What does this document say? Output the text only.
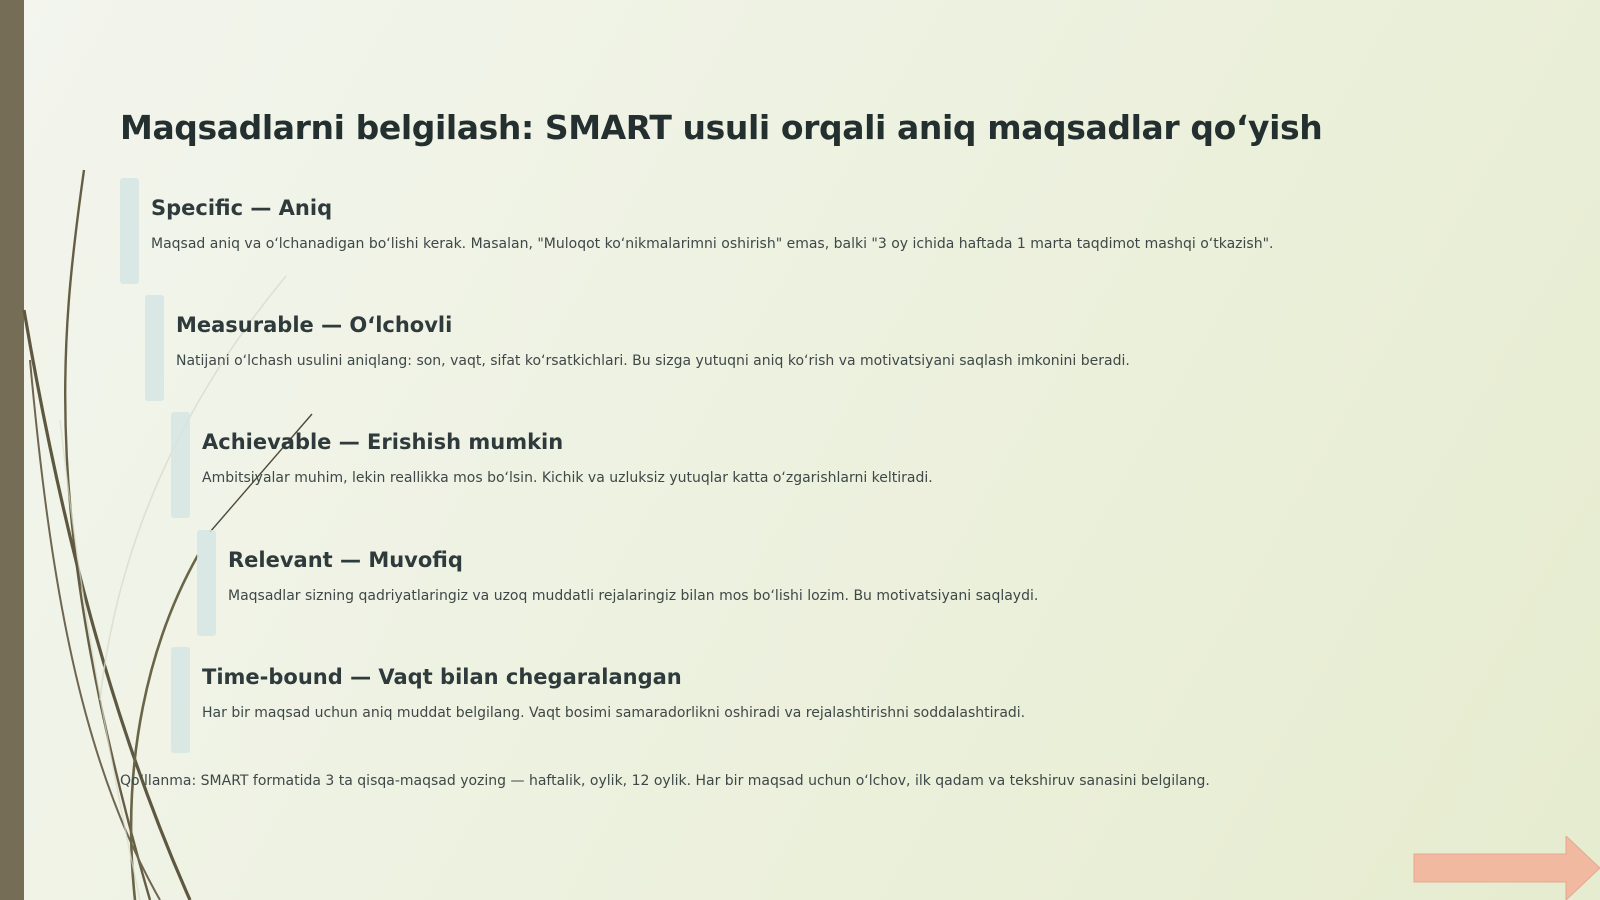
Maqsadlarni belgilash: SMART usuli orqali aniq maqsadlar qo‘yish
Specific — Aniq

Maqsad aniq va o‘lchanadigan bo‘lishi kerak. Masalan, "Muloqot ko‘nikmalarimni oshirish" emas, balki "3 oy ichida haftada 1 marta taqdimot mashqi o‘tkazish".

Measurable — O‘lchovli

Natijani o‘lchash usulini aniqlang: son, vaqt, sifat ko‘rsatkichlari. Bu sizga yutuqni aniq ko‘rish va motivatsiyani saqlash imkonini beradi.

Achievable — Erishish mumkin

Ambitsiyalar muhim, lekin reallikka mos bo‘lsin. Kichik va uzluksiz yutuqlar katta o‘zgarishlarni keltiradi.

Relevant — Muvofiq

Maqsadlar sizning qadriyatlaringiz va uzoq muddatli rejalaringiz bilan mos bo‘lishi lozim. Bu motivatsiyani saqlaydi.

Time-bound — Vaqt bilan chegaralangan

Har bir maqsad uchun aniq muddat belgilang. Vaqt bosimi samaradorlikni oshiradi va rejalashtirishni soddalashtiradi.

Qo‘llanma: SMART formatida 3 ta qisqa-maqsad yozing — haftalik, oylik, 12 oylik. Har bir maqsad uchun o‘lchov, ilk qadam va tekshiruv sanasini belgilang.
